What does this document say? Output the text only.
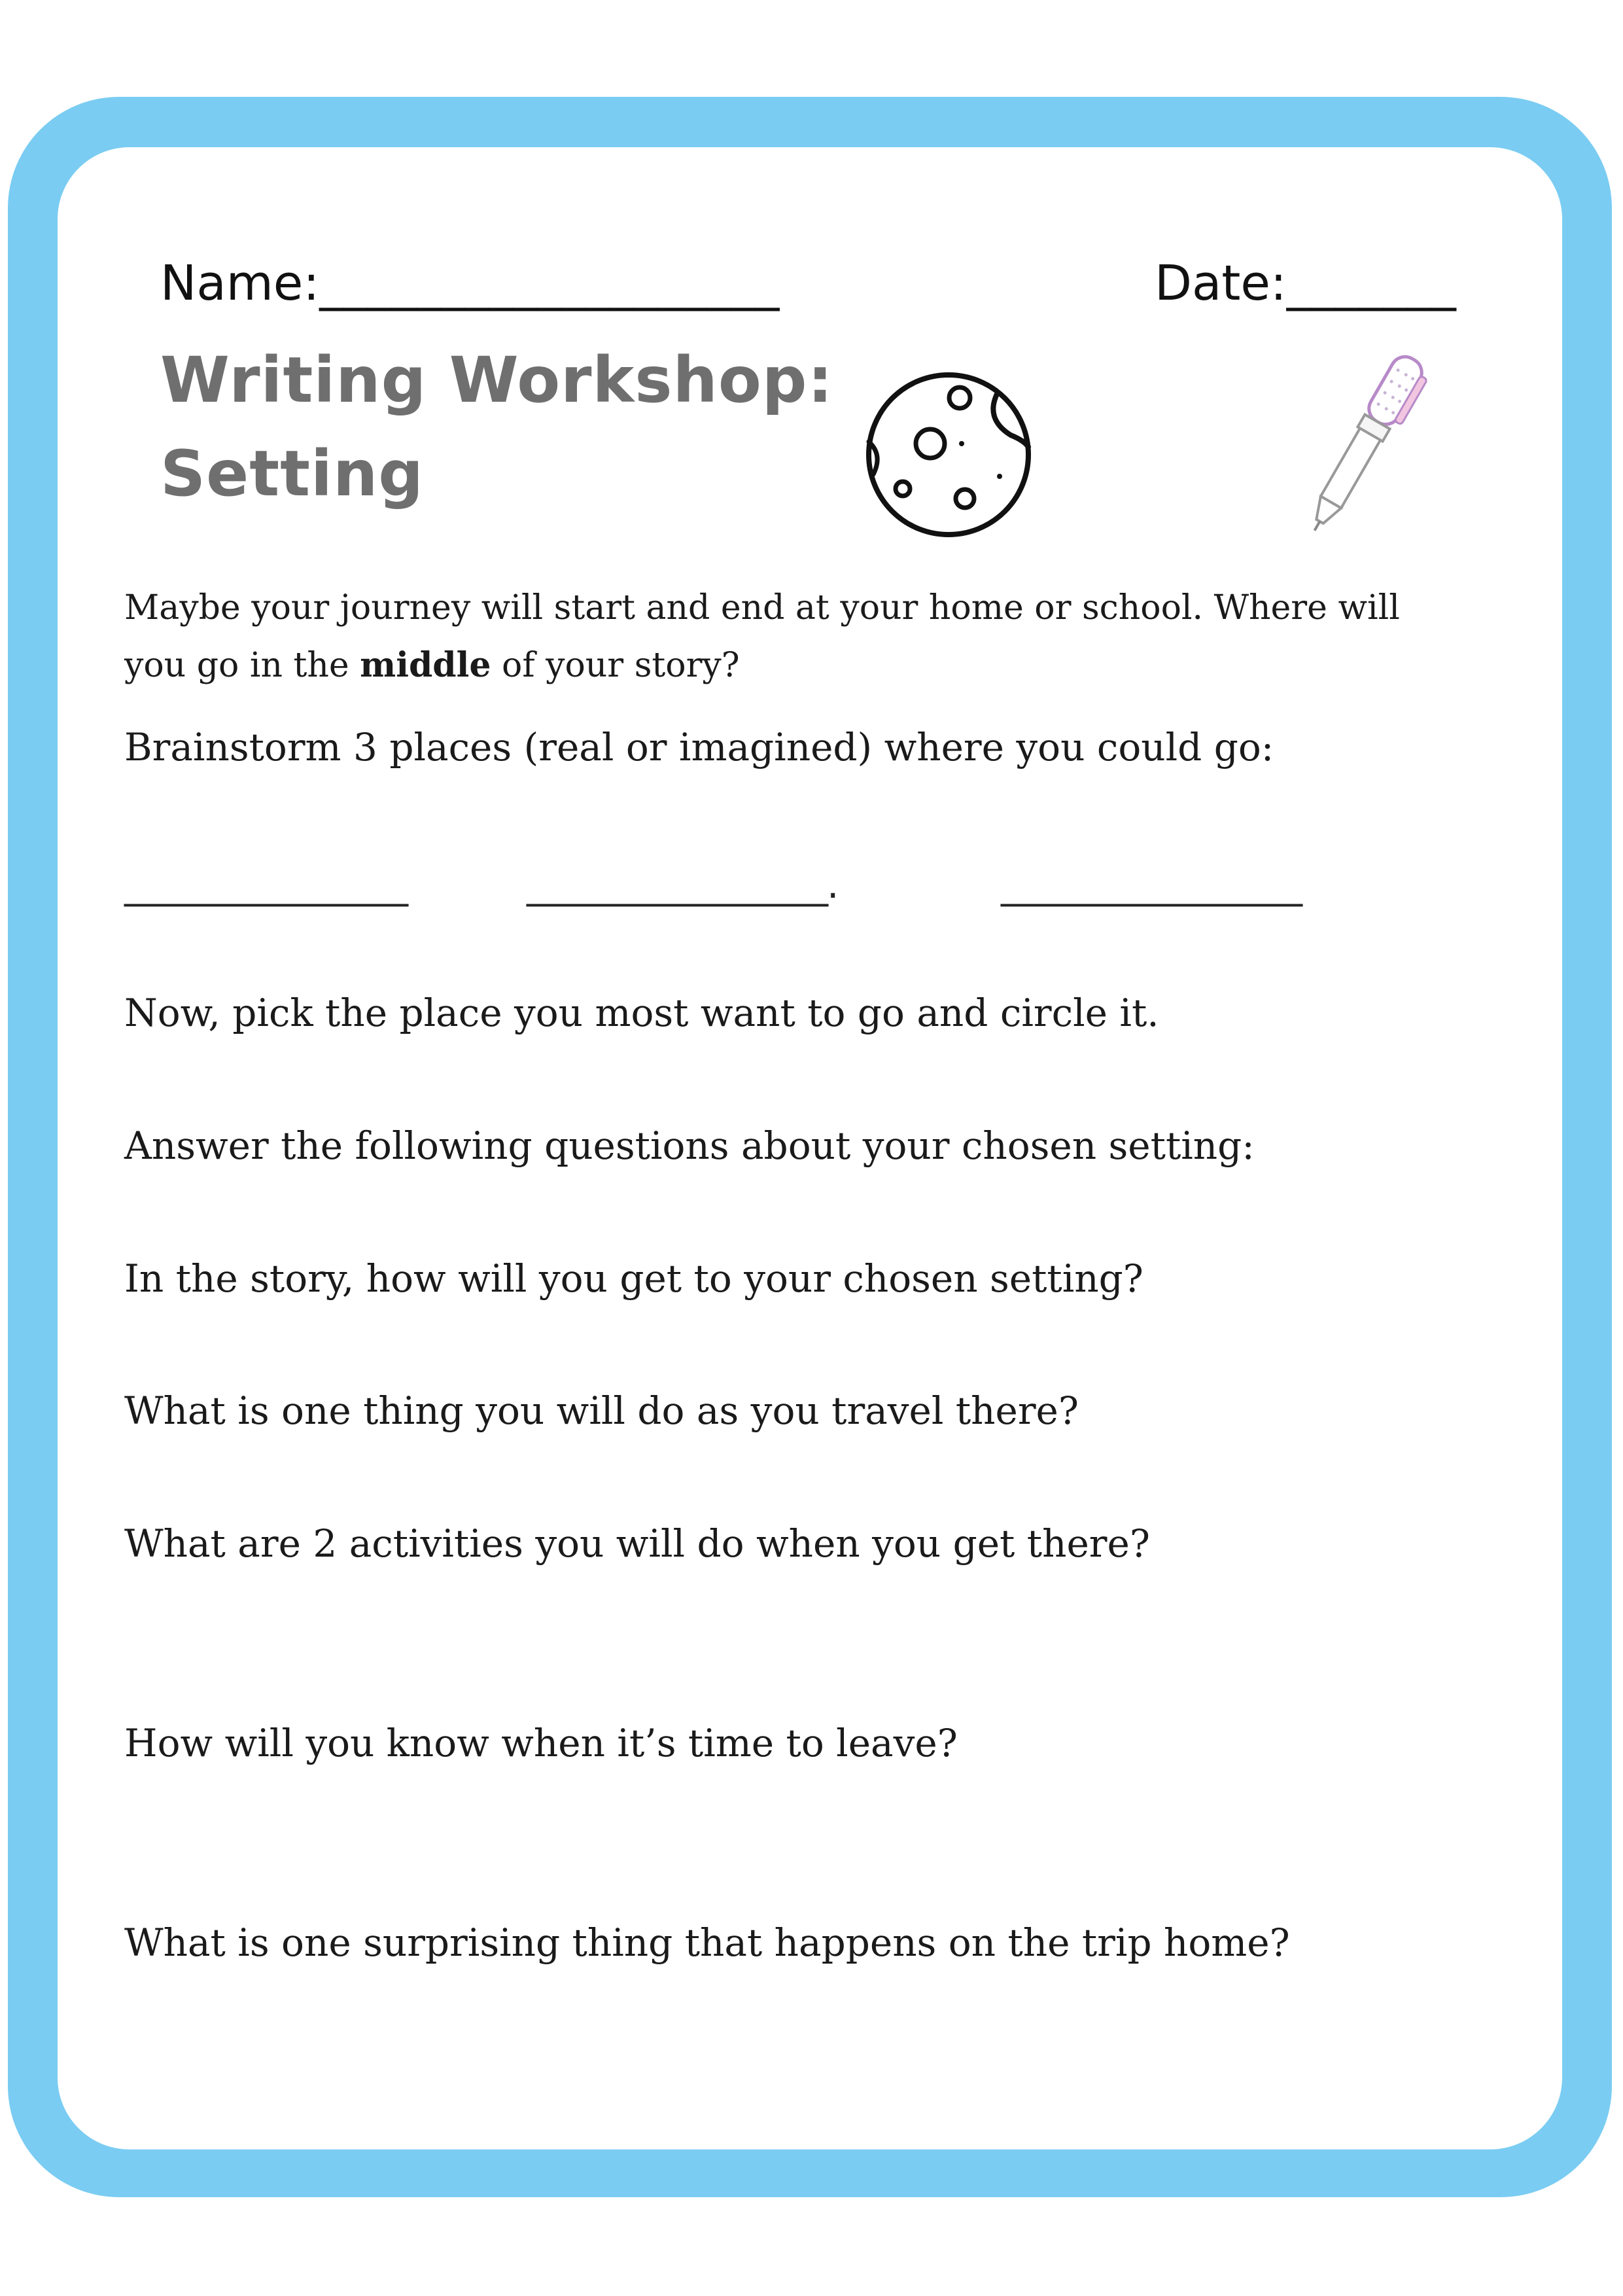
Name:___________________	Date:_______

Writing Workshop:

Setting

Maybe your journey will start and end at your home or school. Where will you go in the middle of your story?

Brainstorm 3 places (real or imagined) where you could go:

________________	_________________.	_________________

Now, pick the place you most want to go and circle it.

Answer the following questions about your chosen setting:

In the story, how will you get to your chosen setting?

What is one thing you will do as you travel there?

What are 2 activities you will do when you get there?

How will you know when it’s time to leave?

What is one surprising thing that happens on the trip home?
